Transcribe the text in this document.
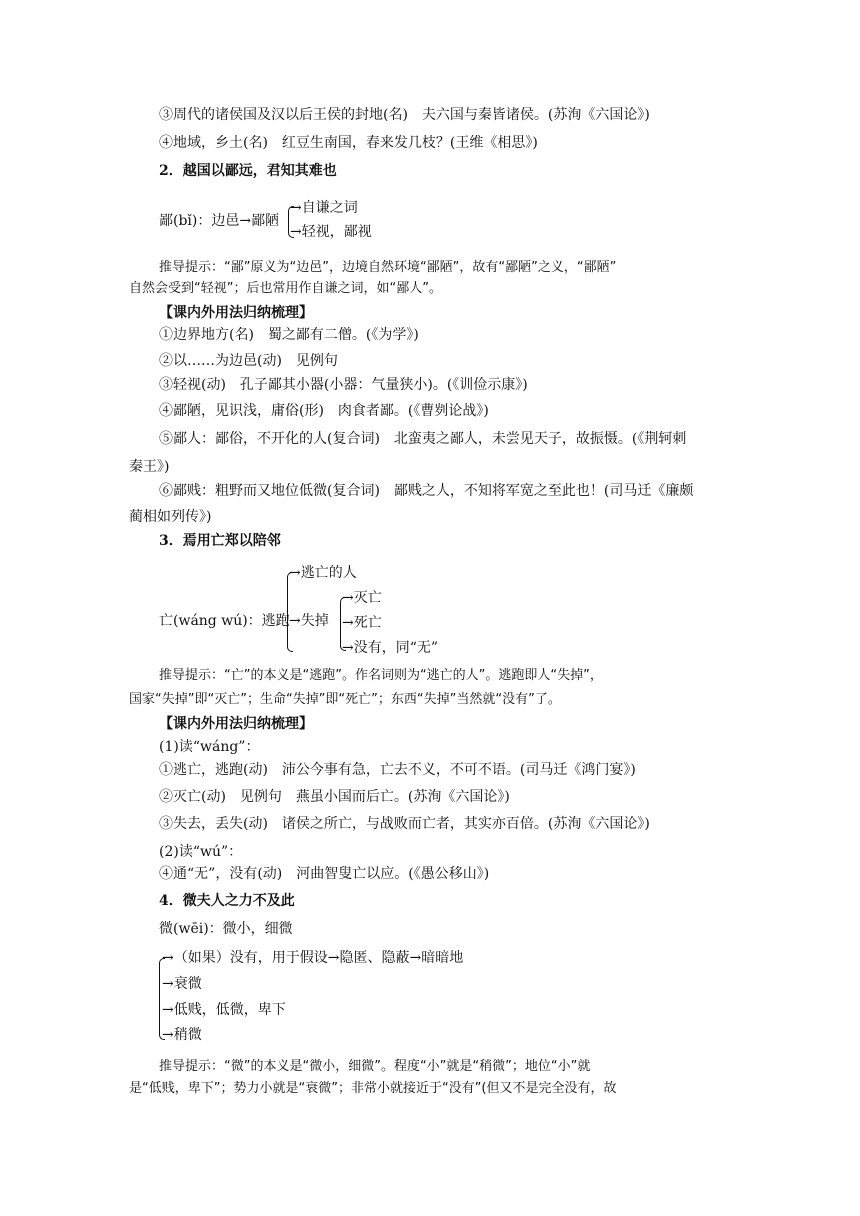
③周代的诸侯国及汉以后王侯的封地(名)　夫六国与秦皆诸侯。(苏洵《六国论》)
④地域，乡土(名)　红豆生南国，春来发几枝？(王维《相思》)
2．越国以鄙远，君知其难也
鄙(bǐ)：边邑→鄙陋
→自谦之词
→轻视，鄙视
推导提示：“鄙”原义为“边邑”，边境自然环境“鄙陋”，故有“鄙陋”之义，“鄙陋”
自然会受到“轻视”；后也常用作自谦之词，如“鄙人”。
【课内外用法归纳梳理】
①边界地方(名)　蜀之鄙有二僧。(《为学》)
②以……为边邑(动)　见例句
③轻视(动)　孔子鄙其小器(小器：气量狭小)。(《训俭示康》)
④鄙陋，见识浅，庸俗(形)　肉食者鄙。(《曹刿论战》)
⑤鄙人：鄙俗，不开化的人(复合词)　北蛮夷之鄙人，未尝见天子，故振慑。(《荆轲刺
秦王》)
⑥鄙贱：粗野而又地位低微(复合词)　鄙贱之人，不知将军宽之至此也！(司马迁《廉颇
蔺相如列传》)
3．焉用亡郑以陪邻
亡(wáng wú)：逃跑
→逃亡的人
→失掉
→灭亡
→死亡
→没有，同“无”
推导提示：“亡”的本义是“逃跑”。作名词则为“逃亡的人”。逃跑即人“失掉”，
国家“失掉”即“灭亡”；生命“失掉”即“死亡”；东西“失掉”当然就“没有”了。
【课内外用法归纳梳理】
(1)读“wáng”：
①逃亡，逃跑(动)　沛公今事有急，亡去不义，不可不语。(司马迁《鸿门宴》)
②灭亡(动)　见例句　燕虽小国而后亡。(苏洵《六国论》)
③失去，丢失(动)　诸侯之所亡，与战败而亡者，其实亦百倍。(苏洵《六国论》)
(2)读“wú”：
④通“无”，没有(动)　河曲智叟亡以应。(《愚公移山》)
4．微夫人之力不及此
微(wēi)：微小，细微
→（如果）没有，用于假设→隐匿、隐蔽→暗暗地
→衰微
→低贱，低微，卑下
→稍微
推导提示：“微”的本义是“微小，细微”。程度“小”就是“稍微”；地位“小”就
是“低贱，卑下”；势力小就是“衰微”；非常小就接近于“没有”(但又不是完全没有，故
